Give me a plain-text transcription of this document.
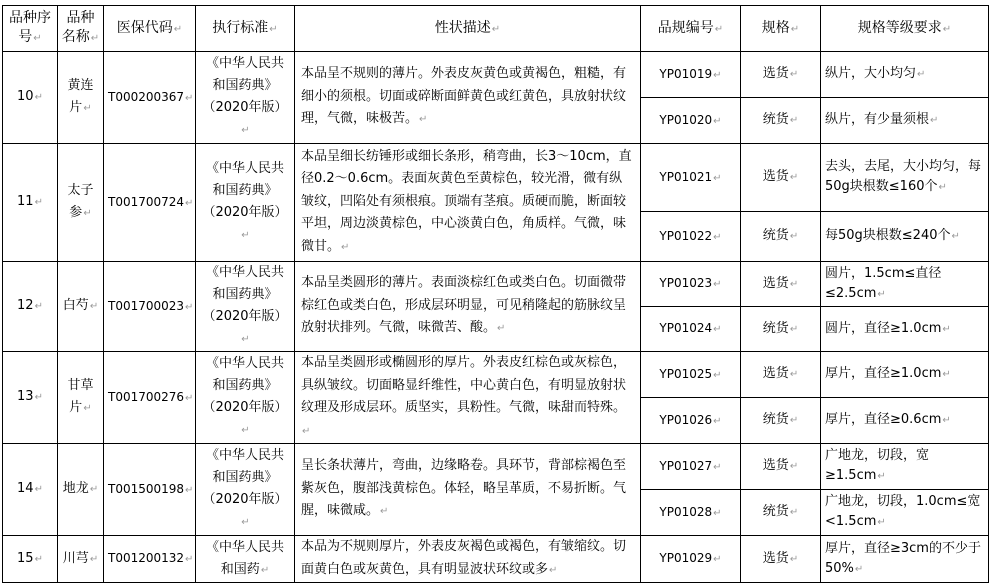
品种序号↵	品种名称↵	医保代码↵	执行标准↵	性状描述↵	品规编号↵	规格↵	规格等级要求↵
10↵	黄连片↵	T000200367↵	《中华人民共和国药典》（2020年版）↵	本品呈不规则的薄片。外表皮灰黄色或黄褐色，粗糙，有细小的须根。切面或碎断面鲜黄色或红黄色，具放射状纹理，气微，味极苦。↵	YP01019↵	选货↵	纵片，大小均匀↵
					YP01020↵	统货↵	纵片，有少量须根↵
11↵	太子参↵	T001700724↵	《中华人民共和国药典》（2020年版）↵	本品呈细长纺锤形或细长条形，稍弯曲，长3～10cm，直径0.2～0.6cm。表面灰黄色至黄棕色，较光滑，微有纵皱纹，凹陷处有须根痕。顶端有茎痕。质硬而脆，断面较平坦，周边淡黄棕色，中心淡黄白色，角质样。气微，味微甘。↵	YP01021↵	选货↵	去头，去尾，大小均匀，每50g块根数≤160个↵
					YP01022↵	统货↵	每50g块根数≤240个↵
12↵	白芍↵	T001700023↵	《中华人民共和国药典》（2020年版）↵	本品呈类圆形的薄片。表面淡棕红色或类白色。切面微带棕红色或类白色，形成层环明显，可见稍隆起的筋脉纹呈放射状排列。气微，味微苦、酸。↵	YP01023↵	选货↵	圆片，1.5cm≤直径≤2.5cm↵
					YP01024↵	统货↵	圆片，直径≥1.0cm↵
13↵	甘草片↵	T001700276↵	《中华人民共和国药典》（2020年版）↵	本品呈类圆形或椭圆形的厚片。外表皮红棕色或灰棕色，具纵皱纹。切面略显纤维性，中心黄白色，有明显放射状纹理及形成层环。质坚实，具粉性。气微，味甜而特殊。↵	YP01025↵	选货↵	厚片，直径≥1.0cm↵
					YP01026↵	统货↵	厚片，直径≥0.6cm↵
14↵	地龙↵	T001500198↵	《中华人民共和国药典》（2020年版）↵	呈长条状薄片，弯曲，边缘略卷。具环节，背部棕褐色至紫灰色，腹部浅黄棕色。体轻，略呈革质，不易折断。气腥，味微咸。↵	YP01027↵	选货↵	广地龙，切段，宽≥1.5cm↵
					YP01028↵	统货↵	广地龙，切段，1.0cm≤宽<1.5cm↵
15↵	川芎↵	T001200132↵	《中华人民共和国药↵	本品为不规则厚片，外表皮灰褐色或褐色，有皱缩纹。切面黄白色或灰黄色，具有明显波状环纹或多↵	YP01029↵	选货↵	厚片，直径≥3cm的不少于50%↵
